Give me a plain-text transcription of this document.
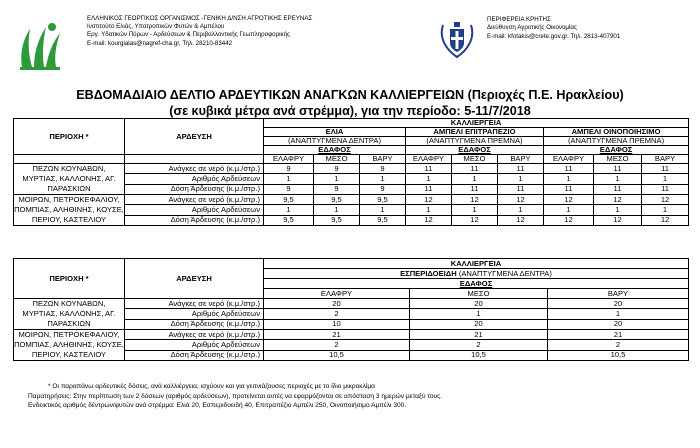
ΕΛΛΗΝΙΚΟΣ ΓΕΩΡΓΙΚΟΣ ΟΡΓΑΝΙΣΜΟΣ -ΓΕΝΙΚΗ Δ/ΝΣΗ ΑΓΡΟΤΙΚΗΣ ΕΡΕΥΝΑΣ
Ινστιτούτο Ελιάς, Υποτροπικών Φυτών & Αμπέλου
Εργ. Υδατικών Πόρων - Αρδεύσεων & Περιβαλλοντικής Γεωπληροφορικής
E-mail: kourgialas@nagref-cha.gr, Τηλ. 28210-83442
ΠΕΡΙΦΕΡΕΙΑ ΚΡΗΤΗΣ
Διεύθυνση Αγροτικής Οικονομίας
E-mail: kfotakis@crete.gov.gr, Τηλ. 2813-407901
ΕΒΔΟΜΑΔΙΑΙΟ ΔΕΛΤΙΟ ΑΡΔΕΥΤΙΚΩΝ ΑΝΑΓΚΩΝ ΚΑΛΛΙΕΡΓΕΙΩΝ (Περιοχές Π.Ε. Ηρακλείου)
(σε κυβικά μέτρα ανά στρέμμα), για την περίοδο: 5-11/7/2018
ΠΕΡΙΟΧΗ *	ΑΡΔΕΥΣΗ	ΚΑΛΛΙΕΡΓΕΙΑ								
		ΕΛΙΑ			ΑΜΠΕΛΙ ΕΠΙΤΡΑΠΕΖΙΟ			ΑΜΠΕΛΙ ΟΙΝΟΠΟΙΗΣΙΜΟ		
		(ΑΝΑΠΤΥΓΜΕΝΑ ΔΕΝΤΡΑ)			(ΑΝΑΠΤΥΓΜΕΝΑ ΠΡΕΜΝΑ)			(ΑΝΑΠΤΥΓΜΕΝΑ ΠΡΕΜΝΑ)		
		ΕΔΑΦΟΣ			ΕΔΑΦΟΣ			ΕΔΑΦΟΣ		
		ΕΛΑΦΡΥ	ΜΕΣΟ	ΒΑΡΥ	ΕΛΑΦΡΥ	ΜΕΣΟ	ΒΑΡΥ	ΕΛΑΦΡΥ	ΜΕΣΟ	ΒΑΡΥ
ΠΕΖΩΝ ΚΟΥΝΑΒΩΝ, ΜΥΡΤΙΑΣ, ΚΑΛΛΟΝΗΣ, ΑΓ. ΠΑΡΑΣΚΙΩΝ	Ανάγκες σε νερό (κ.μ./στρ.)	9	9	9	11	11	11	11	11	11
	Αριθμός Αρδεύσεων	1	1	1	1	1	1	1	1	1
	Δόση Άρδευσης (κ.μ./στρ.)	9	9	9	11	11	11	11	11	11
ΜΟΙΡΩΝ, ΠΕΤΡΟΚΕΦΑΛΙΟΥ, ΠΟΜΠΙΑΣ, ΑΛΗΘΙΝΗΣ, ΚΟΥΣΕ, ΠΕΡΙΟΥ, ΚΑΣΤΕΛΙΟΥ	Ανάγκες σε νερό (κ.μ./στρ.)	9,5	9,5	9,5	12	12	12	12	12	12
	Αριθμός Αρδεύσεων	1	1	1	1	1	1	1	1	1
	Δόση Άρδευσης (κ.μ./στρ.)	9,5	9,5	9,5	12	12	12	12	12	12
ΠΕΡΙΟΧΗ *	ΑΡΔΕΥΣΗ	ΚΑΛΛΙΕΡΓΕΙΑ		
		ΕΣΠΕΡΙΔΟΕΙΔΗ (ΑΝΑΠΤΥΓΜΕΝΑ ΔΕΝΤΡΑ)		
		ΕΔΑΦΟΣ		
		ΕΛΑΦΡΥ	ΜΕΣΟ	ΒΑΡΥ
ΠΕΖΩΝ ΚΟΥΝΑΒΩΝ, ΜΥΡΤΙΑΣ, ΚΑΛΛΟΝΗΣ, ΑΓ. ΠΑΡΑΣΚΙΩΝ	Ανάγκες σε νερό (κ.μ./στρ.)	20	20	20
	Αριθμός Αρδεύσεων	2	1	1
	Δόση Άρδευσης (κ.μ./στρ.)	10	20	20
ΜΟΙΡΩΝ, ΠΕΤΡΟΚΕΦΑΛΙΟΥ, ΠΟΜΠΙΑΣ, ΑΛΗΘΙΝΗΣ, ΚΟΥΣΕ, ΠΕΡΙΟΥ, ΚΑΣΤΕΛΙΟΥ	Ανάγκες σε νερό (κ.μ./στρ.)	21	21	21
	Αριθμός Αρδεύσεων	2	2	2
	Δόση Άρδευσης (κ.μ./στρ.)	10,5	10,5	10,5
* Οι παραπάνω αρδευτικές δόσεις, ανά καλλιέργεια, ισχύουν και για γειτνιάζουσες περιοχές με το ίδιο μικροκλίμα
Παρατηρήσεις: Στην περίπτωση των 2 δόσεων (αριθμός αρδεύσεων), προτείνεται αυτές να εφαρμόζονται σε απόσταση 3 ημερών μεταξύ τους.
Ενδεικτικός αριθμός δέντρων/φυτών ανά στρέμμα: Ελιά 20, Εσπεριδοειδή 40, Επιτραπέζιο Αμπέλι 250, Οινοποιήσιμο Αμπέλι 300.
